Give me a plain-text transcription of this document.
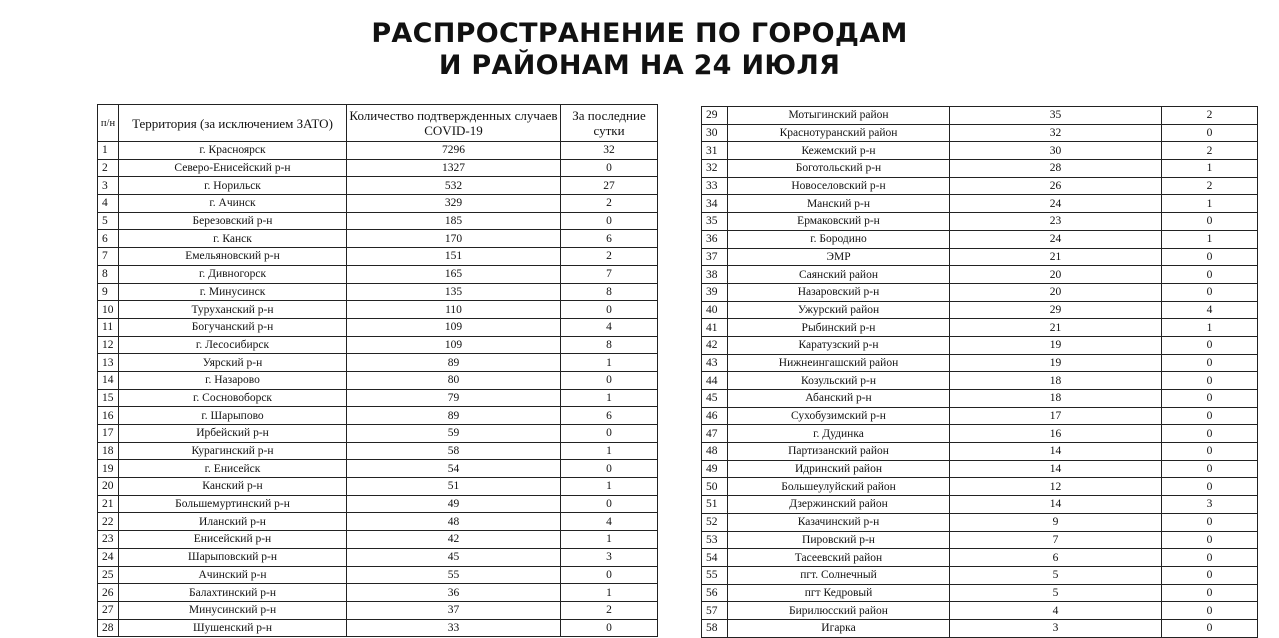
РАСПРОСТРАНЕНИЕ ПО ГОРОДАМ
И РАЙОНАМ НА 24 ИЮЛЯ
п/н	Территория (за исключением ЗАТО)	Количество подтвержденных случаев COVID-19	За последние сутки
1	г. Красноярск	7296	32
2	Северо-Енисейский р-н	1327	0
3	г. Норильск	532	27
4	г. Ачинск	329	2
5	Березовский р-н	185	0
6	г. Канск	170	6
7	Емельяновский р-н	151	2
8	г. Дивногорск	165	7
9	г. Минусинск	135	8
10	Туруханский р-н	110	0
11	Богучанский р-н	109	4
12	г. Лесосибирск	109	8
13	Уярский р-н	89	1
14	г. Назарово	80	0
15	г. Сосновоборск	79	1
16	г. Шарыпово	89	6
17	Ирбейский р-н	59	0
18	Курагинский р-н	58	1
19	г. Енисейск	54	0
20	Канский р-н	51	1
21	Большемуртинский р-н	49	0
22	Иланский р-н	48	4
23	Енисейский р-н	42	1
24	Шарыповский р-н	45	3
25	Ачинский р-н	55	0
26	Балахтинский р-н	36	1
27	Минусинский р-н	37	2
28	Шушенский р-н	33	0
29	Мотыгинский район	35	2
30	Краснотуранский район	32	0
31	Кежемский р-н	30	2
32	Боготольский р-н	28	1
33	Новоселовский р-н	26	2
34	Манский р-н	24	1
35	Ермаковский р-н	23	0
36	г. Бородино	24	1
37	ЭМР	21	0
38	Саянский район	20	0
39	Назаровский р-н	20	0
40	Ужурский район	29	4
41	Рыбинский р-н	21	1
42	Каратузский р-н	19	0
43	Нижнеингашский район	19	0
44	Козульский р-н	18	0
45	Абанский р-н	18	0
46	Сухобузимский р-н	17	0
47	г. Дудинка	16	0
48	Партизанский район	14	0
49	Идринский район	14	0
50	Большеулуйский район	12	0
51	Дзержинский район	14	3
52	Казачинский р-н	9	0
53	Пировский р-н	7	0
54	Тасеевский район	6	0
55	пгт. Солнечный	5	0
56	пгт Кедровый	5	0
57	Бирилюсский район	4	0
58	Игарка	3	0
